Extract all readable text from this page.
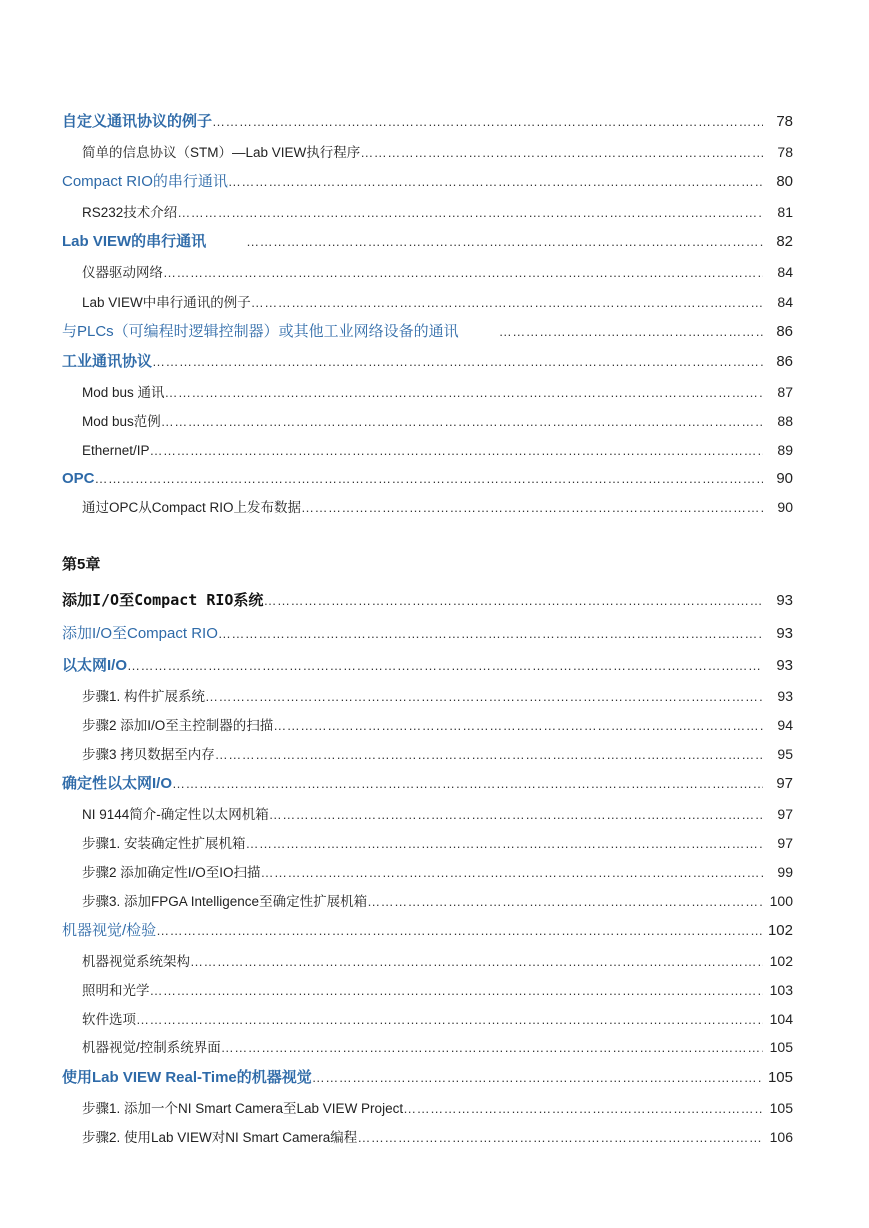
自定义通讯协议的例子 …………………………………………………………………………………………………………………………………………………………………………………………………………………………………………………………………………………………………	78
简单的信息协议（STM）—Lab VIEW执行程序 …………………………………………………………………………………………………………………………………………………………………………………………………………………………………………………………………………………………………	78
Compact RIO的串行通讯 …………………………………………………………………………………………………………………………………………………………………………………………………………………………………………………………………………………………………	80
RS232技术介绍 …………………………………………………………………………………………………………………………………………………………………………………………………………………………………………………………………………………………………	81
Lab VIEW的串行通讯 …………………………………………………………………………………………………………………………………………………………………………………………………………………………………………………………………………………………………	82
仪器驱动网络 …………………………………………………………………………………………………………………………………………………………………………………………………………………………………………………………………………………………………	84
Lab VIEW中串行通讯的例子 …………………………………………………………………………………………………………………………………………………………………………………………………………………………………………………………………………………………………	84
与PLCs（可编程时逻辑控制器）或其他工业网络设备的通讯 …………………………………………………………………………………………………………………………………………………………………………………………………………………………………………………………………………………………………	86
工业通讯协议 …………………………………………………………………………………………………………………………………………………………………………………………………………………………………………………………………………………………………	86
Mod bus 通讯 …………………………………………………………………………………………………………………………………………………………………………………………………………………………………………………………………………………………………	87
Mod bus范例 …………………………………………………………………………………………………………………………………………………………………………………………………………………………………………………………………………………………………	88
Ethernet/IP …………………………………………………………………………………………………………………………………………………………………………………………………………………………………………………………………………………………………	89
OPC …………………………………………………………………………………………………………………………………………………………………………………………………………………………………………………………………………………………………	90
通过OPC从Compact RIO上发布数据 …………………………………………………………………………………………………………………………………………………………………………………………………………………………………………………………………………………………………	90
第5章
添加I/O至Compact RIO系统 …………………………………………………………………………………………………………………………………………………………………………………………………………………………………………………………………………………………………	93
添加I/O至Compact RIO …………………………………………………………………………………………………………………………………………………………………………………………………………………………………………………………………………………………………	93
以太网I/O …………………………………………………………………………………………………………………………………………………………………………………………………………………………………………………………………………………………………	93
步骤1. 构件扩展系统 …………………………………………………………………………………………………………………………………………………………………………………………………………………………………………………………………………………………………	93
步骤2 添加I/O至主控制器的扫描 …………………………………………………………………………………………………………………………………………………………………………………………………………………………………………………………………………………………………	94
步骤3 拷贝数据至内存 …………………………………………………………………………………………………………………………………………………………………………………………………………………………………………………………………………………………………	95
确定性以太网I/O …………………………………………………………………………………………………………………………………………………………………………………………………………………………………………………………………………………………………	97
NI 9144简介-确定性以太网机箱 …………………………………………………………………………………………………………………………………………………………………………………………………………………………………………………………………………………………………	97
步骤1. 安装确定性扩展机箱 …………………………………………………………………………………………………………………………………………………………………………………………………………………………………………………………………………………………………	97
步骤2 添加确定性I/O至IO扫描 …………………………………………………………………………………………………………………………………………………………………………………………………………………………………………………………………………………………………	99
步骤3. 添加FPGA Intelligence至确定性扩展机箱 …………………………………………………………………………………………………………………………………………………………………………………………………………………………………………………………………………………………………	100
机器视觉/检验 …………………………………………………………………………………………………………………………………………………………………………………………………………………………………………………………………………………………………	102
机器视觉系统架构 …………………………………………………………………………………………………………………………………………………………………………………………………………………………………………………………………………………………………	102
照明和光学 …………………………………………………………………………………………………………………………………………………………………………………………………………………………………………………………………………………………………	103
软件选项 …………………………………………………………………………………………………………………………………………………………………………………………………………………………………………………………………………………………………	104
机器视觉/控制系统界面 …………………………………………………………………………………………………………………………………………………………………………………………………………………………………………………………………………………………………	105
使用Lab VIEW Real-Time的机器视觉 …………………………………………………………………………………………………………………………………………………………………………………………………………………………………………………………………………………………………	105
步骤1. 添加一个NI Smart Camera至Lab VIEW Project …………………………………………………………………………………………………………………………………………………………………………………………………………………………………………………………………………………………………	105
步骤2. 使用Lab VIEW对NI Smart Camera编程 …………………………………………………………………………………………………………………………………………………………………………………………………………………………………………………………………………………………………	106
